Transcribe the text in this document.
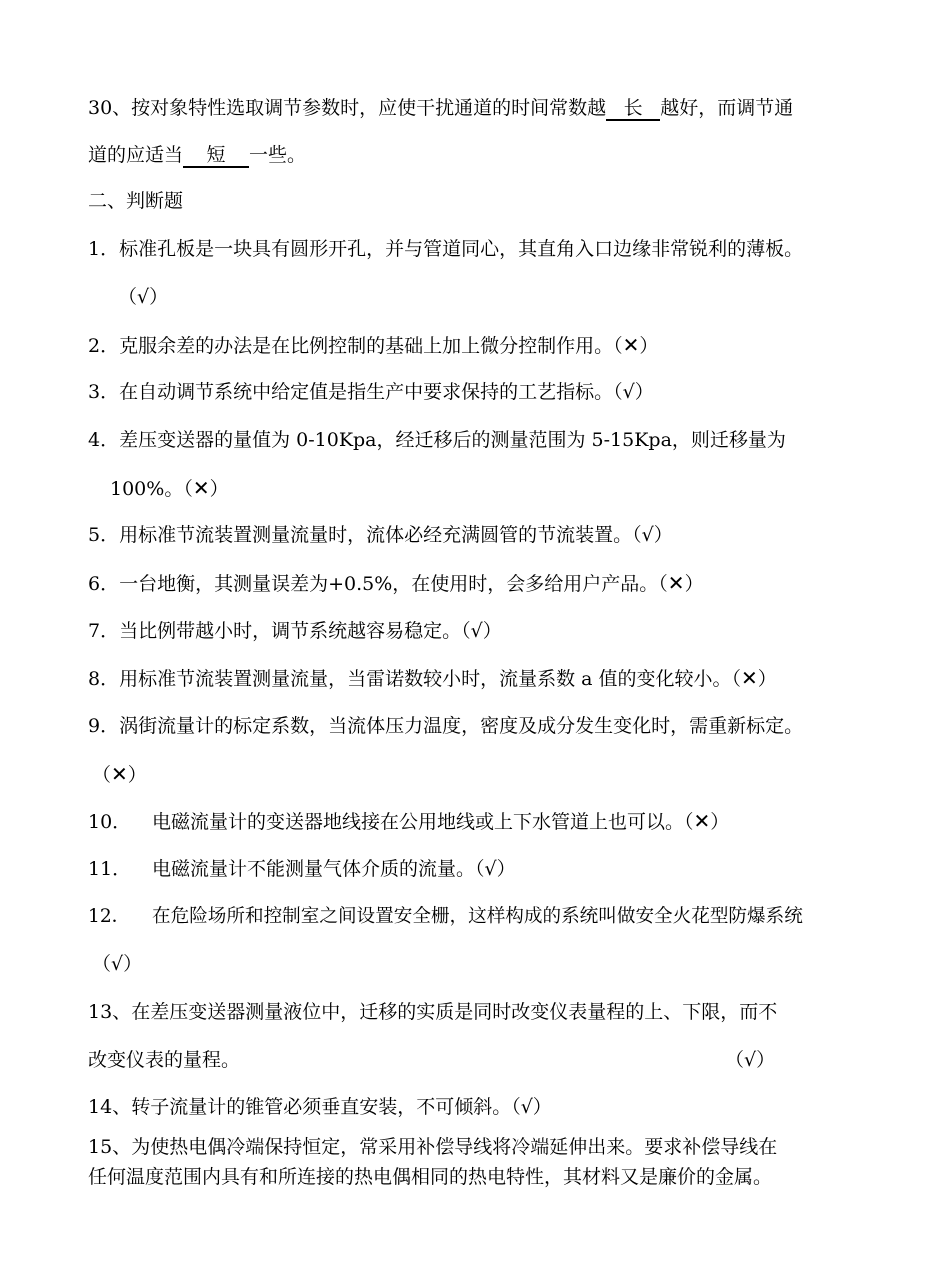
30、按对象特性选取调节参数时，应使干扰通道的时间常数越 长 越好，而调节通
道的应适当 短 一些。
二、判断题
1．标准孔板是一块具有圆形开孔，并与管道同心，其直角入口边缘非常锐利的薄板。
（√）
2．克服余差的办法是在比例控制的基础上加上微分控制作用。（✕）
3．在自动调节系统中给定值是指生产中要求保持的工艺指标。（√）
4．差压变送器的量值为 0-10Kpa，经迁移后的测量范围为 5-15Kpa，则迁移量为
100%。（✕）
5．用标准节流装置测量流量时，流体必经充满圆管的节流装置。（√）
6．一台地衡，其测量误差为+0.5%，在使用时，会多给用户产品。（✕）
7．当比例带越小时，调节系统越容易稳定。（√）
8．用标准节流装置测量流量，当雷诺数较小时，流量系数 a 值的变化较小。（✕）
9．涡街流量计的标定系数，当流体压力温度，密度及成分发生变化时，需重新标定。
（✕）
10． 电磁流量计的变送器地线接在公用地线或上下水管道上也可以。（✕）
11． 电磁流量计不能测量气体介质的流量。（√）
12． 在危险场所和控制室之间设置安全栅，这样构成的系统叫做安全火花型防爆系统
（√）
13、在差压变送器测量液位中，迁移的实质是同时改变仪表量程的上、下限，而不
改变仪表的量程。	（√）
14、转子流量计的锥管必须垂直安装，不可倾斜。（√）
15、为使热电偶冷端保持恒定，常采用补偿导线将冷端延伸出来。要求补偿导线在
任何温度范围内具有和所连接的热电偶相同的热电特性，其材料又是廉价的金属。
